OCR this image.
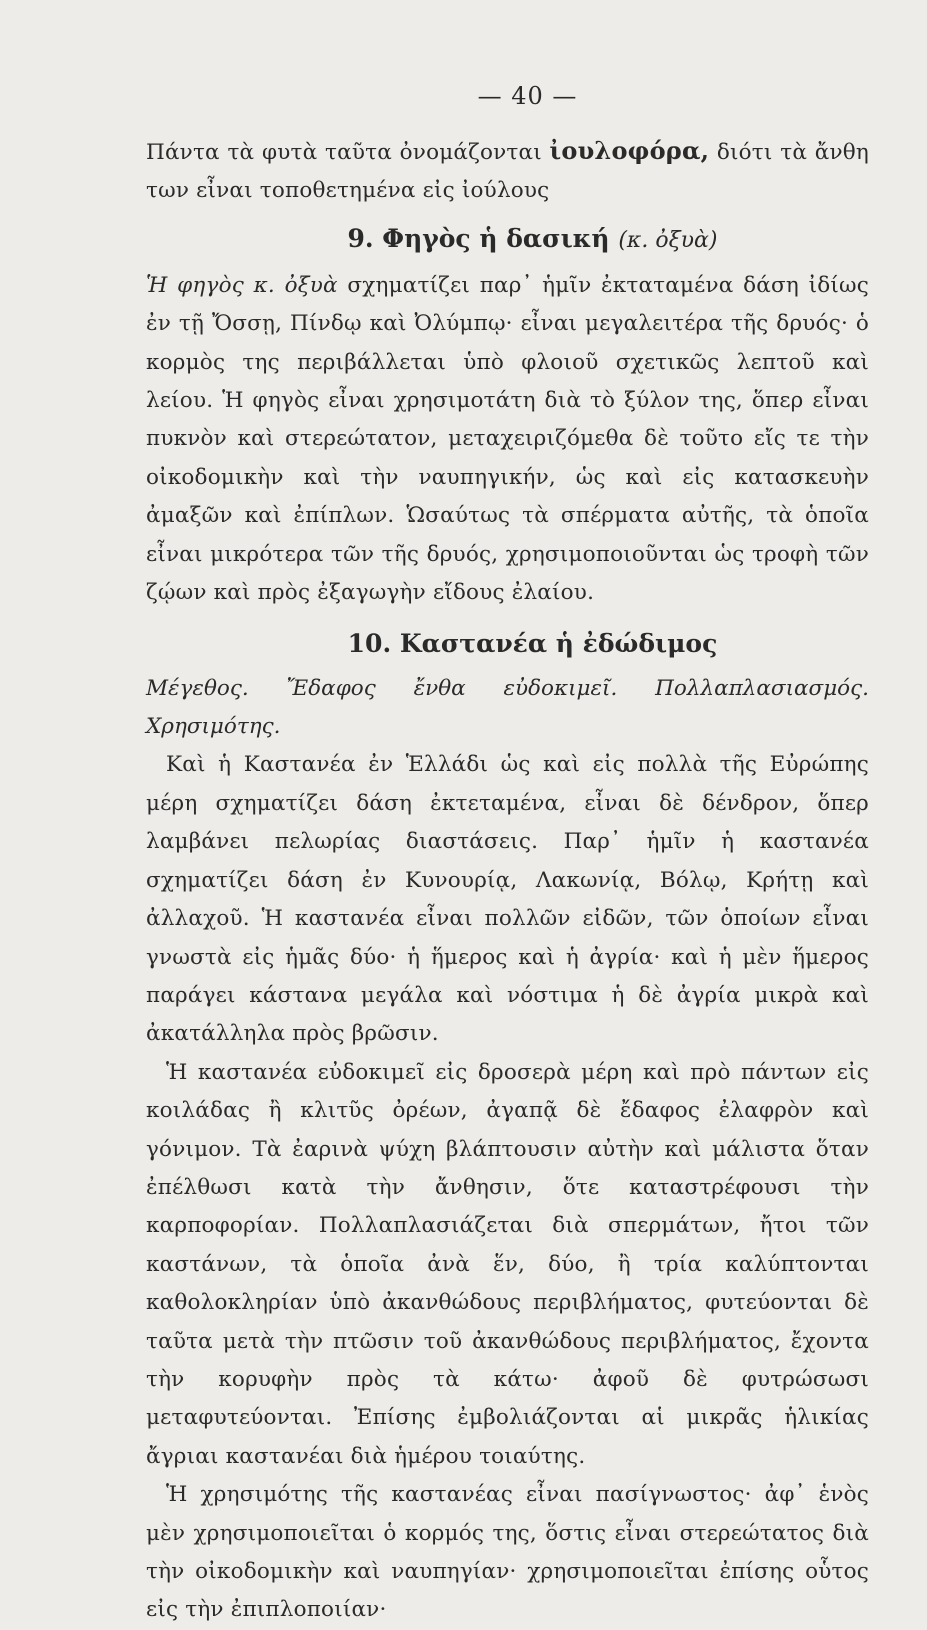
— 40 —

Πάντα τὰ φυτὰ ταῦτα ὀνομάζονται ἰουλοφόρα, διότι τὰ ἄνθη των εἶναι τοποθετημένα εἰς ἰούλους

9. Φηγὸς ἡ δασική (κ. ὀξυὰ)

Ἡ φηγὸς κ. ὀξυὰ σχηματίζει παρ᾽ ἡμῖν ἐκταταμένα δάση ἰδίως ἐν τῇ Ὄσσῃ, Πίνδῳ καὶ Ὀλύμπῳ· εἶναι μεγαλειτέρα τῆς δρυός· ὁ κορμὸς της περιβάλλεται ὑπὸ φλοιοῦ σχετικῶς λεπτοῦ καὶ λείου. Ἡ φηγὸς εἶναι χρησιμοτάτη διὰ τὸ ξύλον της, ὅπερ εἶναι πυκνὸν καὶ στερεώτατον, μεταχειριζόμεθα δὲ τοῦτο εἴς τε τὴν οἰκοδομικὴν καὶ τὴν ναυπηγικήν, ὡς καὶ εἰς κατασκευὴν ἀμαξῶν καὶ ἐπίπλων. Ὡσαύτως τὰ σπέρματα αὐτῆς, τὰ ὁποῖα εἶναι μικρότερα τῶν τῆς δρυός, χρησιμοποιοῦνται ὡς τροφὴ τῶν ζῴων καὶ πρὸς ἐξαγωγὴν εἴδους ἐλαίου.

10. Καστανέα ἡ ἐδώδιμος

Μέγεθος. Ἔδαφος ἔνθα εὐδοκιμεῖ. Πολλαπλασιασμός. Χρησιμότης.

Καὶ ἡ Καστανέα ἐν Ἑλλάδι ὡς καὶ εἰς πολλὰ τῆς Εὐρώπης μέρη σχηματίζει δάση ἐκτεταμένα, εἶναι δὲ δένδρον, ὅπερ λαμβάνει πελωρίας διαστάσεις. Παρ᾽ ἡμῖν ἡ καστανέα σχηματίζει δάση ἐν Κυνουρίᾳ, Λακωνίᾳ, Βόλῳ, Κρήτῃ καὶ ἀλλαχοῦ. Ἡ καστανέα εἶναι πολλῶν εἰδῶν, τῶν ὁποίων εἶναι γνωστὰ εἰς ἡμᾶς δύο· ἡ ἥμερος καὶ ἡ ἀγρία· καὶ ἡ μὲν ἥμερος παράγει κάστανα μεγάλα καὶ νόστιμα ἡ δὲ ἀγρία μικρὰ καὶ ἀκατάλληλα πρὸς βρῶσιν.

Ἡ καστανέα εὐδοκιμεῖ εἰς δροσερὰ μέρη καὶ πρὸ πάντων εἰς κοιλάδας ἢ κλιτῦς ὀρέων, ἀγαπᾷ δὲ ἔδαφος ἐλαφρὸν καὶ γόνιμον. Τὰ ἐαρινὰ ψύχη βλάπτουσιν αὐτὴν καὶ μάλιστα ὅταν ἐπέλθωσι κατὰ τὴν ἄνθησιν, ὅτε καταστρέφουσι τὴν καρποφορίαν. Πολλαπλασιάζεται διὰ σπερμάτων, ἤτοι τῶν καστάνων, τὰ ὁποῖα ἀνὰ ἕν, δύο, ἢ τρία καλύπτονται καθολοκληρίαν ὑπὸ ἀκανθώδους περιβλήματος, φυτεύονται δὲ ταῦτα μετὰ τὴν πτῶσιν τοῦ ἀκανθώδους περιβλήματος, ἔχοντα τὴν κορυφὴν πρὸς τὰ κάτω· ἀφοῦ δὲ φυτρώσωσι μεταφυτεύονται. Ἐπίσης ἐμβολιάζονται αἱ μικρᾶς ἡλικίας ἄγριαι καστανέαι διὰ ἡμέρου τοιαύτης.

Ἡ χρησιμότης τῆς καστανέας εἶναι πασίγνωστος· ἀφ᾽ ἑνὸς μὲν χρησιμοποιεῖται ὁ κορμός της, ὅστις εἶναι στερεώτατος διὰ τὴν οἰκοδομικὴν καὶ ναυπηγίαν· χρησιμοποιεῖται ἐπίσης οὗτος εἰς τὴν ἐπιπλοποιίαν·
